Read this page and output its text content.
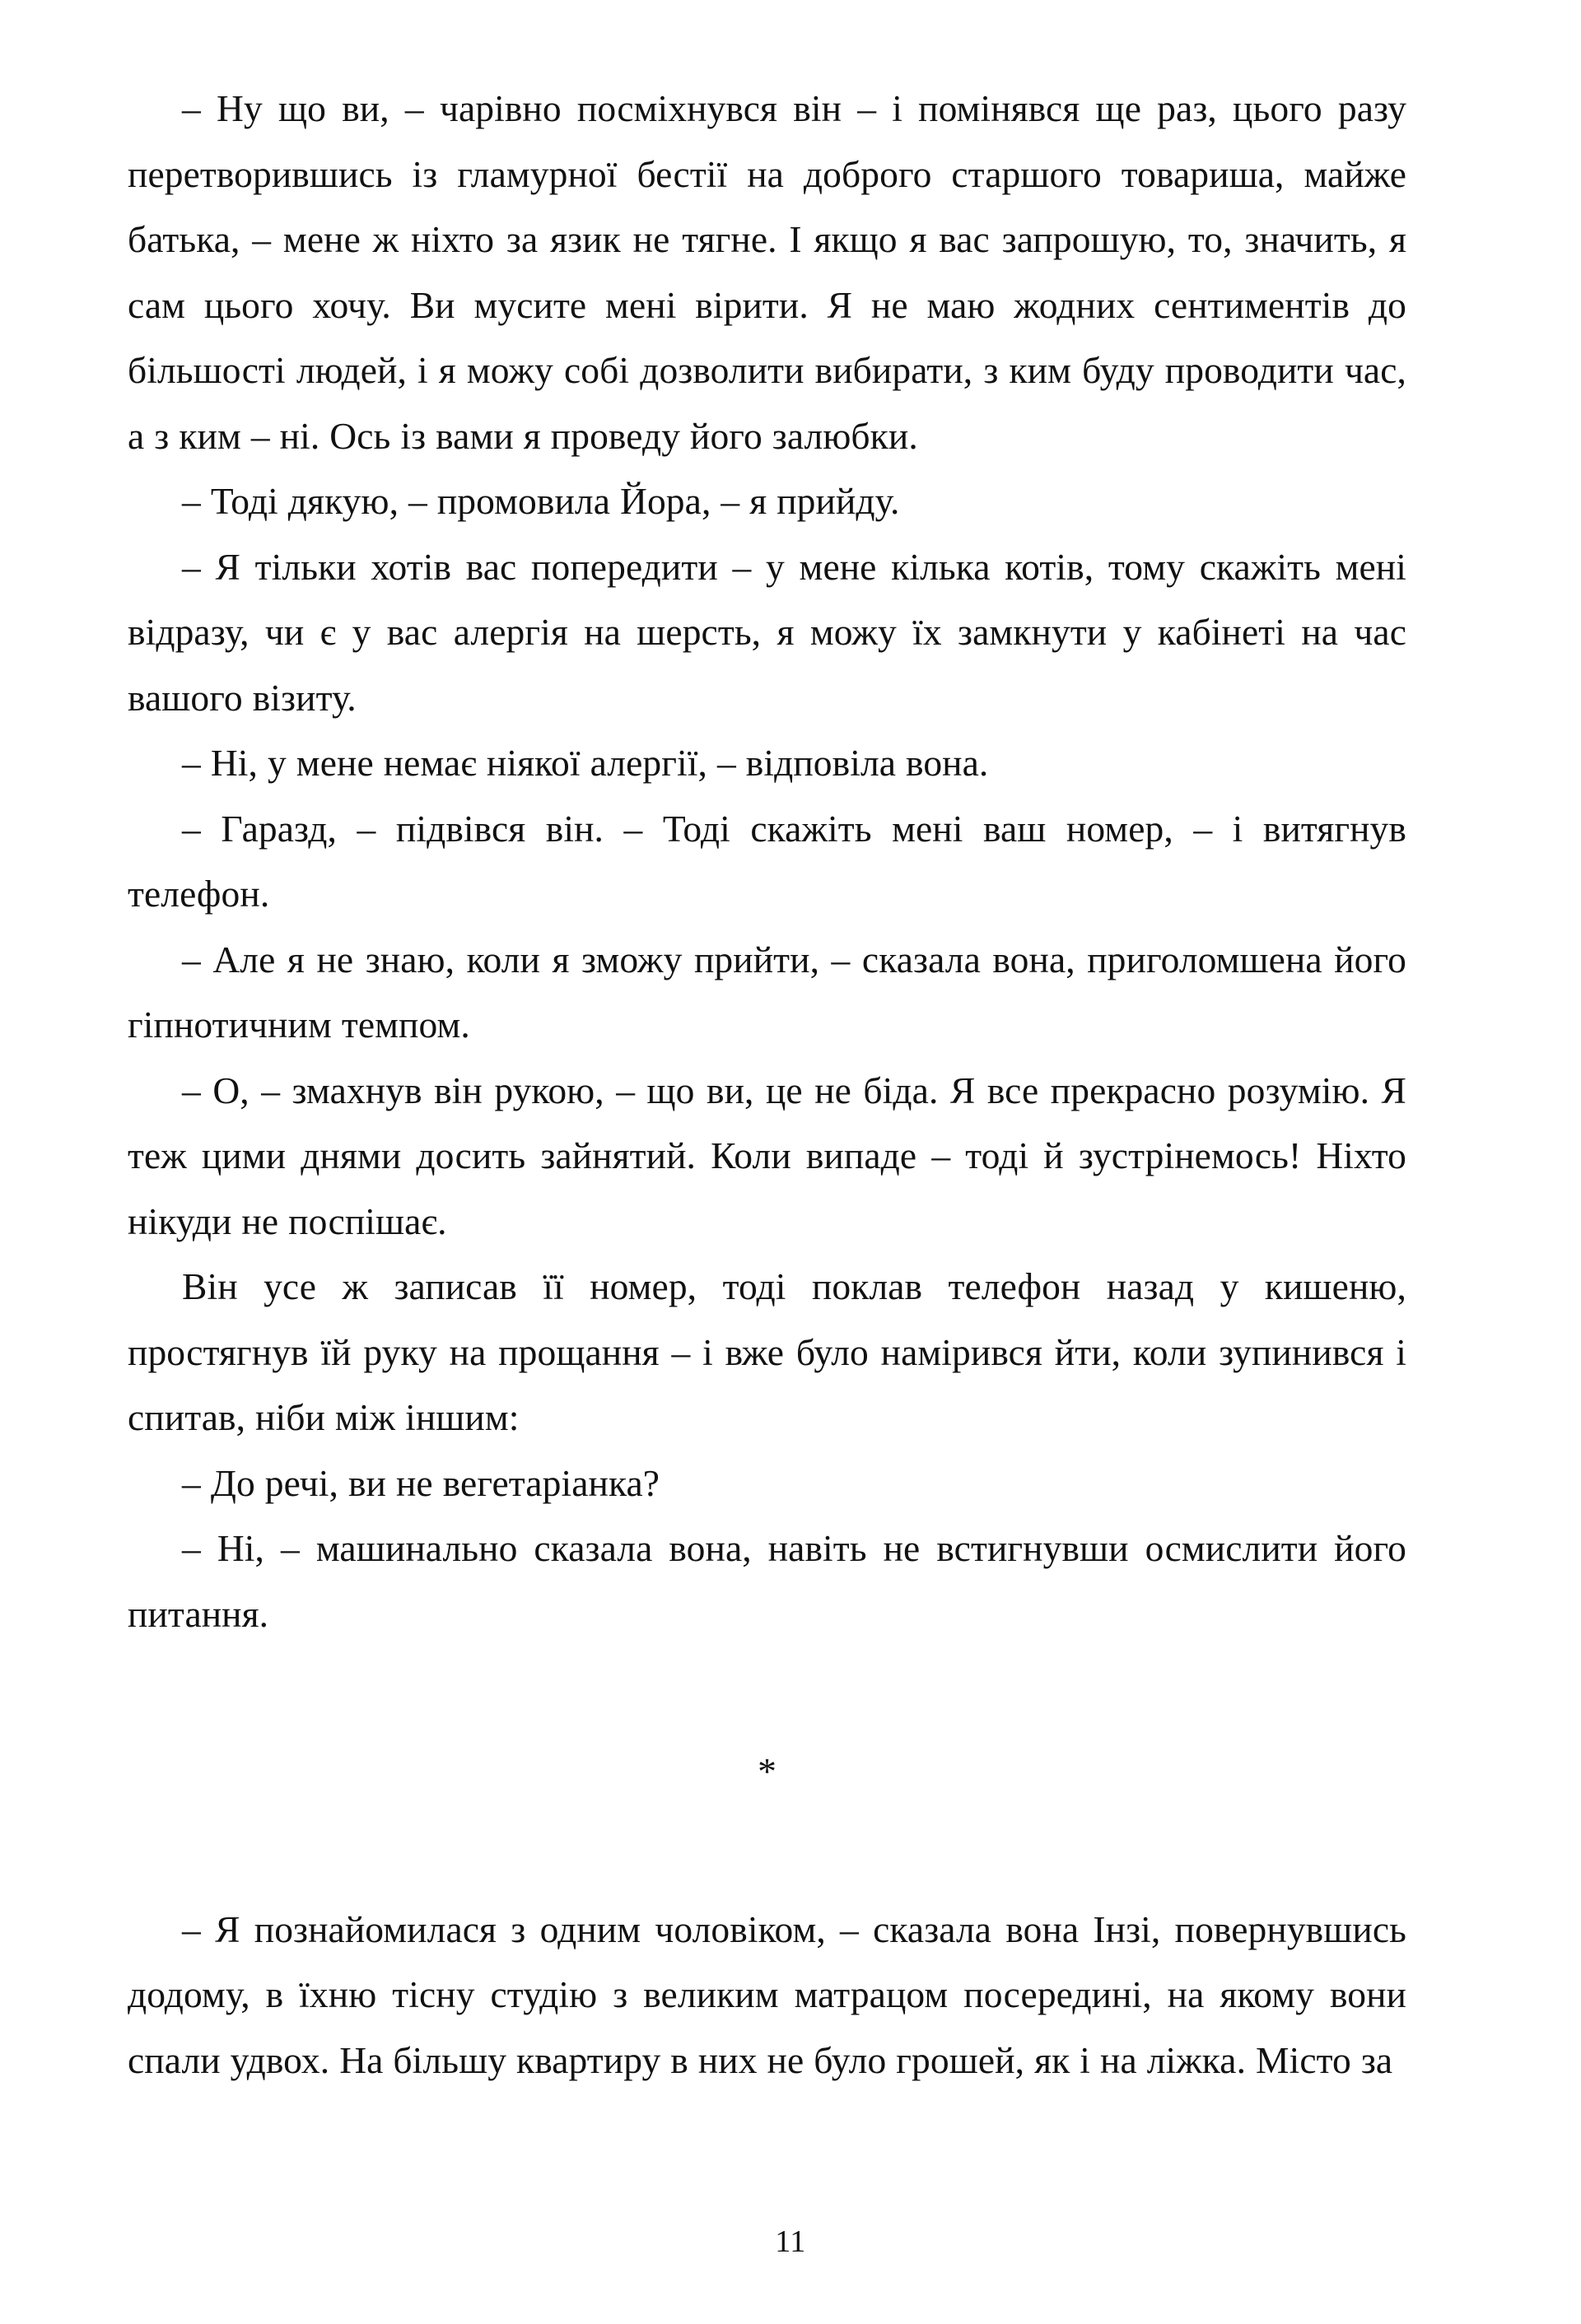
– Ну що ви, – чарівно посміхнувся він – і помінявся ще раз, цього разу перетворившись із гламурної бестії на доброго старшого товариша, майже батька, – мене ж ніхто за язик не тягне. І якщо я вас запрошую, то, значить, я сам цього хочу. Ви мусите мені вірити. Я не маю жодних сентиментів до більшості людей, і я можу собі дозволити вибирати, з ким буду проводити час, а з ким – ні. Ось із вами я проведу його залюбки.

– Тоді дякую, – промовила Йора, – я прийду.

– Я тільки хотів вас попередити – у мене кілька котів, тому скажіть мені відразу, чи є у вас алергія на шерсть, я можу їх замкнути у кабінеті на час вашого візиту.

– Ні, у мене немає ніякої алергії, – відповіла вона.

– Гаразд, – підвівся він. – Тоді скажіть мені ваш номер, – і витягнув телефон.

– Але я не знаю, коли я зможу прийти, – сказала вона, приголомшена його гіпнотичним темпом.

– О, – змахнув він рукою, – що ви, це не біда. Я все прекрасно розумію. Я теж цими днями досить зайнятий. Коли випаде – тоді й зустрінемось! Ніхто нікуди не поспішає.

Він усе ж записав її номер, тоді поклав телефон назад у кишеню, простягнув їй руку на прощання – і вже було намірився йти, коли зупинився і спитав, ніби між іншим:

– До речі, ви не вегетаріанка?

– Ні, – машинально сказала вона, навіть не встигнувши осмислити його питання.

*

– Я познайомилася з одним чоловіком, – сказала вона Інзі, повернувшись додому, в їхню тісну студію з великим матрацом посередині, на якому вони спали удвох. На більшу квартиру в них не було грошей, як і на ліжка. Місто за

11
